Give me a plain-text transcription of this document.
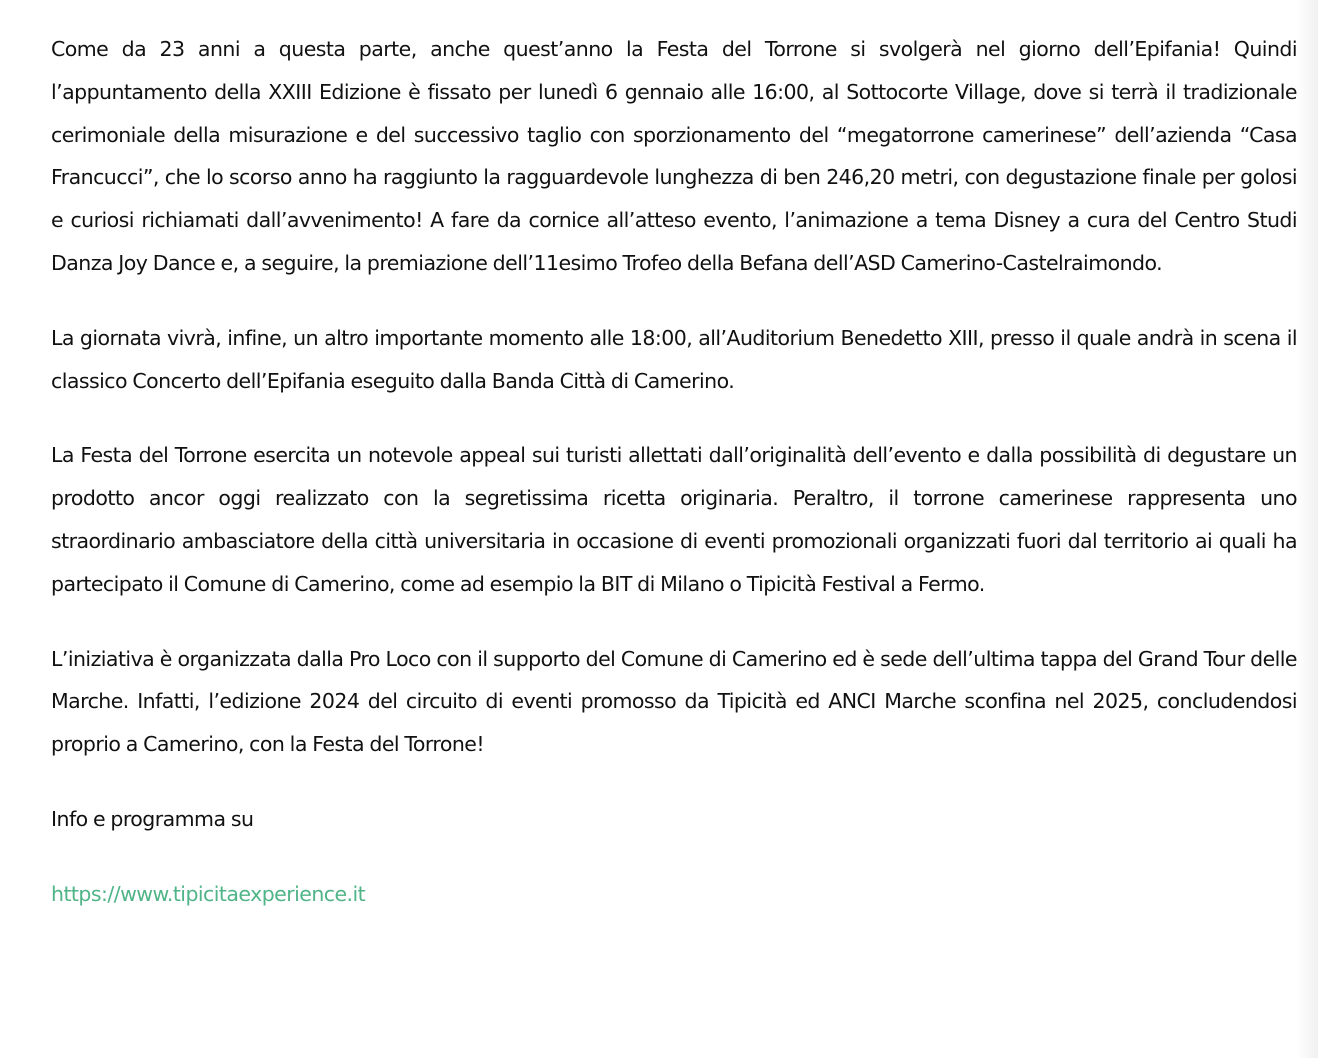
Come da 23 anni a questa parte, anche quest’anno la Festa del Torrone si svolgerà nel giorno dell’Epifania! Quindi l’appuntamento della XXIII Edizione è fissato per lunedì 6 gennaio alle 16:00, al Sottocorte Village, dove si terrà il tradizionale cerimoniale della misurazione e del successivo taglio con sporzionamento del “megatorrone camerinese” dell’azienda “Casa Francucci”, che lo scorso anno ha raggiunto la ragguardevole lunghezza di ben 246,20 metri, con degustazione finale per golosi e curiosi richiamati dall’avvenimento! A fare da cornice all’atteso evento, l’animazione a tema Disney a cura del Centro Studi Danza Joy Dance e, a seguire, la premiazione dell’11esimo Trofeo della Befana dell’ASD Camerino-Castelraimondo.

La giornata vivrà, infine, un altro importante momento alle 18:00, all’Auditorium Benedetto XIII, presso il quale andrà in scena il classico Concerto dell’Epifania eseguito dalla Banda Città di Camerino.

La Festa del Torrone esercita un notevole appeal sui turisti allettati dall’originalità dell’evento e dalla possibilità di degustare un prodotto ancor oggi realizzato con la segretissima ricetta originaria. Peraltro, il torrone camerinese rappresenta uno straordinario ambasciatore della città universitaria in occasione di eventi promozionali organizzati fuori dal territorio ai quali ha partecipato il Comune di Camerino, come ad esempio la BIT di Milano o Tipicità Festival a Fermo.

L’iniziativa è organizzata dalla Pro Loco con il supporto del Comune di Camerino ed è sede dell’ultima tappa del Grand Tour delle Marche. Infatti, l’edizione 2024 del circuito di eventi promosso da Tipicità ed ANCI Marche sconfina nel 2025, concludendosi proprio a Camerino, con la Festa del Torrone!

Info e programma su

https://www.tipicitaexperience.it
